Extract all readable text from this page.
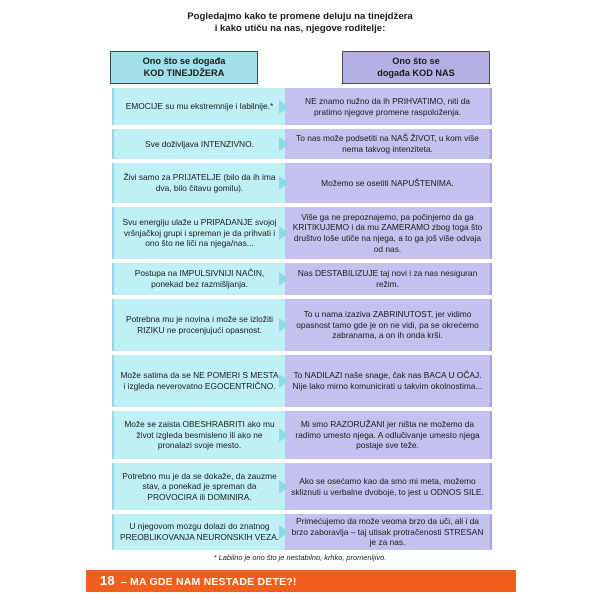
Pogledajmo kako te promene deluju na tinejdžera
i kako utiču na nas, njegove roditelje:
Ono što se događa
KOD TINEJDŽERA
Ono što se
događa KOD NAS
EMOCIJE su mu ekstremnije i labilnije.*
NE znamo nužno da ih PRIHVATIMO, niti da pratimo njegove promene raspoloženja.
Sve doživljava INTENZIVNO.
To nas može podsetiti na NAŠ ŽIVOT, u kom više nema takvog intenziteta.
Živi samo za PRIJATELJE (bilo da ih ima dva, bilo čitavu gomilu).
Možemo se osetiti NAPUŠTENIMA.
Svu energiju ulaže u PRIPADANJE svojoj vršnjačkoj grupi i spreman je da prihvati i ono što ne liči na njega/nas...
Više ga ne prepoznajemo, pa počinjemo da ga KRITIKUJEMO i da mu ZAMERAMO zbog toga što društvo loše utiče na njega, a to ga još više odvaja od nas.
Postupa na IMPULSIVNIJI NAČIN, ponekad bez razmišljanja.
Nas DESTABILIZUJE taj novi i za nas nesiguran režim.
Potrebna mu je novina i može se izložiti RIZIKU ne procenjujući opasnost.
To u nama izaziva ZABRINUTOST, jer vidimo opasnost tamo gde je on ne vidi, pa se okrećemo zabranama, a on ih onda krši.
Može satima da se NE POMERI S MESTA i izgleda neverovatno EGOCENTRIČNO.
To NADILAZI naše snage, čak nas BACA U OČAJ. Nije lako mirno komunicirati u takvim okolnostima...
Može se zaista OBESHRABRITI ako mu život izgleda besmisleno ili ako ne pronalazi svoje mesto.
Mi smo RAZORUŽANI jer ništa ne možemo da radimo umesto njega. A odlučivanje umesto njega postaje sve teže.
Potrebno mu je da se dokaže, da zauzme stav, a ponekad je spreman da PROVOCIRA ili DOMINIRA.
Ako se osećamo kao da smo mi meta, možemo skliznuti u verbalne dvoboje, to jest u ODNOS SILE.
U njegovom mozgu dolazi do znatnog PREOBLIKOVANJA NEURONSKIH VEZA.
Primećujemo da može veoma brzo da uči, ali i da brzo zaboravlja – taj utisak protračenosti STRESAN je za nas.
* Labilno je ono što je nestabilno, krhko, promenljivo.
18 – MA GDE NAM NESTADE DETE?!
